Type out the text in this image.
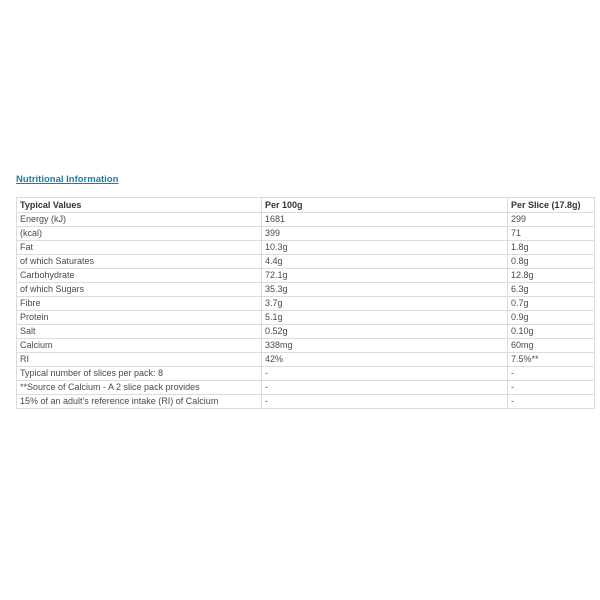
Nutritional Information
Typical Values	Per 100g	Per Slice (17.8g)
Energy (kJ)	1681	299
(kcal)	399	71
Fat	10.3g	1.8g
of which Saturates	4.4g	0.8g
Carbohydrate	72.1g	12.8g
of which Sugars	35.3g	6.3g
Fibre	3.7g	0.7g
Protein	5.1g	0.9g
Salt	0.52g	0.10g
Calcium	338mg	60mg
RI	42%	7.5%**
Typical number of slices per pack: 8	-	-
**Source of Calcium - A 2 slice pack provides	-	-
15% of an adult's reference intake (RI) of Calcium	-	-
